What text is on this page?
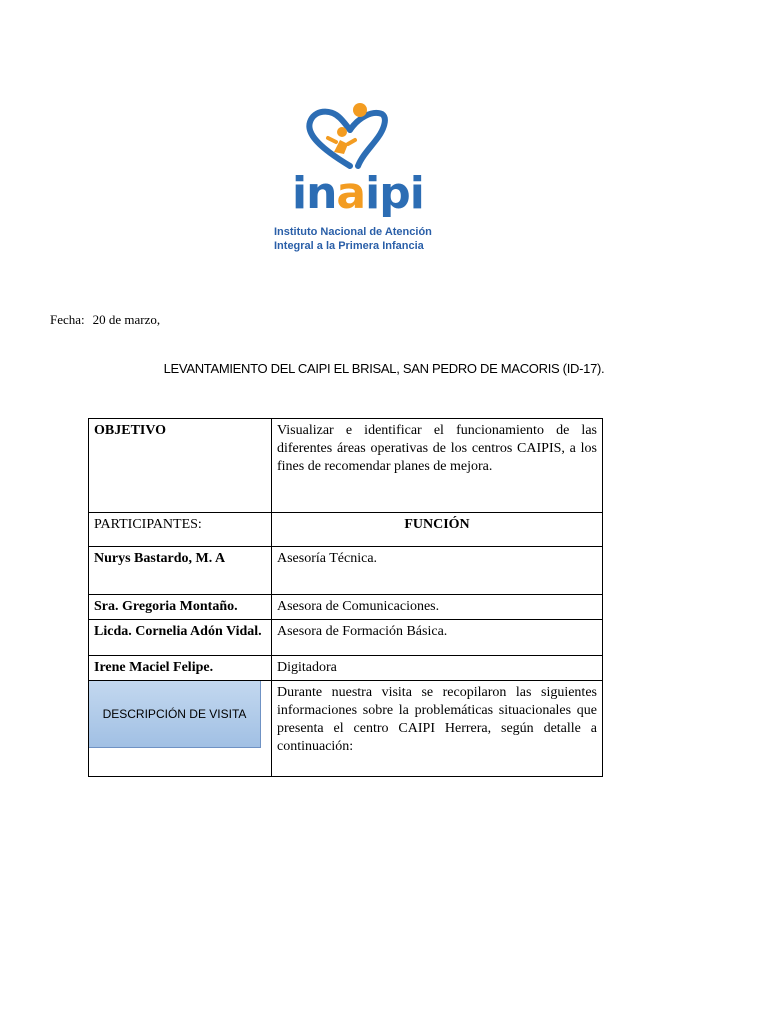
inaipi
Instituto Nacional de Atención
Integral a la Primera Infancia
Fecha: 20 de marzo,
LEVANTAMIENTO DEL CAIPI EL BRISAL, SAN PEDRO DE MACORIS (ID-17).
OBJETIVO	Visualizar e identificar el funcionamiento de las diferentes áreas operativas de los centros CAIPIS, a los fines de recomendar planes de mejora.
PARTICIPANTES:	FUNCIÓN
Nurys Bastardo, M. A	Asesoría Técnica.
Sra. Gregoria Montaño.	Asesora de Comunicaciones.
Licda. Cornelia Adón Vidal.	Asesora de Formación Básica.
Irene Maciel Felipe.	Digitadora

DESCRIPCIÓN DE VISITA	Durante nuestra visita se recopilaron las siguientes informaciones sobre la problemáticas situacionales que presenta el centro CAIPI Herrera, según detalle a continuación:
